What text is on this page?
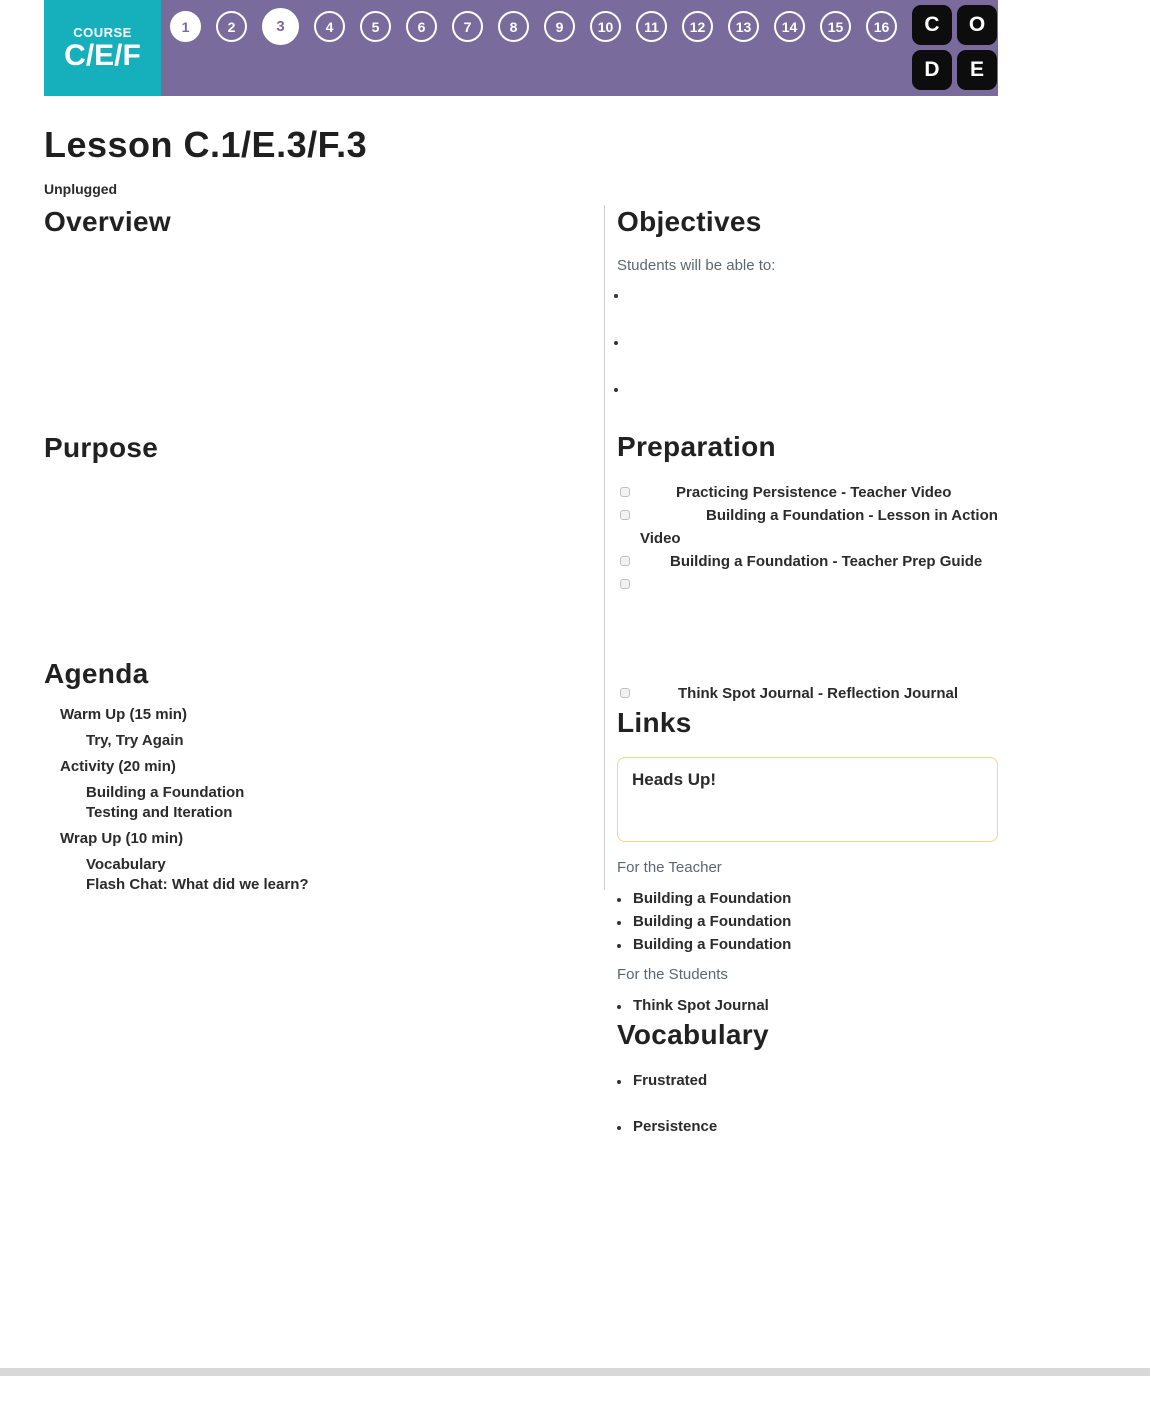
COURSE
C/E/F
1	2	3	4	5	6	7	8	9	10	11	12	13	14	15	16	C	O
D	E
Lesson C.1/E.3/F.3
Unplugged
Overview
Purpose
Agenda
Warm Up (15 min)
Try, Try Again
Activity (20 min)
Building a Foundation
Testing and Iteration
Wrap Up (10 min)
Vocabulary
Flash Chat: What did we learn?
Objectives

Students will be able to:

•
•
•
Preparation
Practicing Persistence - Teacher Video
Building a Foundation - Lesson in Action Video
Building a Foundation - Teacher Prep Guide
Think Spot Journal - Reflection Journal
Links
Heads Up!
For the Teacher
• Building a Foundation
• Building a Foundation
• Building a Foundation
For the Students
• Think Spot Journal
Vocabulary
• Frustrated
• Persistence
